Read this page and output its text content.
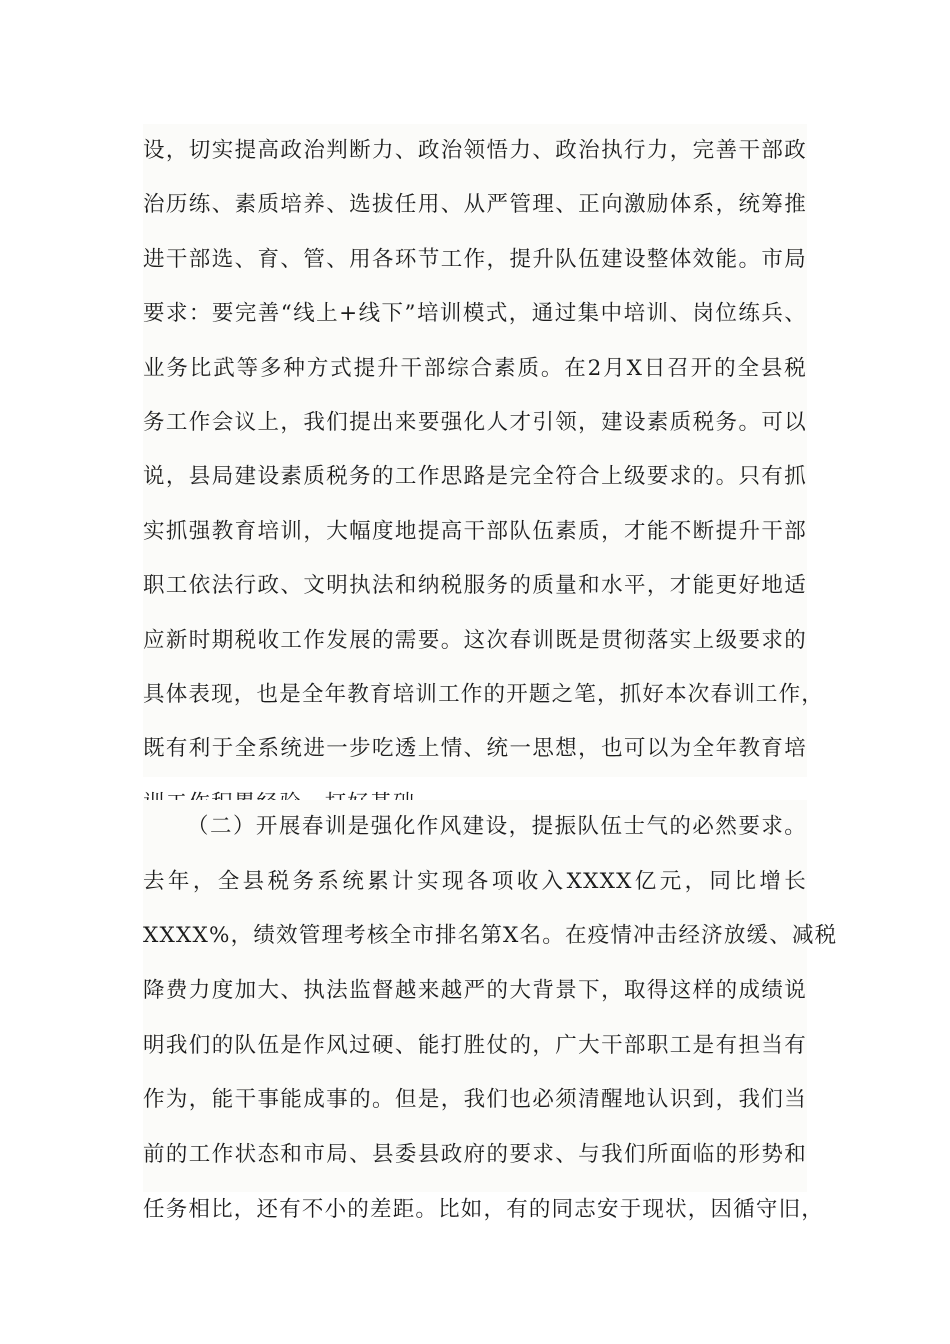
设，切实提高政治判断力、政治领悟力、政治执行力，完善干部政
治历练、素质培养、选拔任用、从严管理、正向激励体系，统筹推
进干部选、育、管、用各环节工作，提升队伍建设整体效能。市局
要求：要完善“线上+线下”培训模式，通过集中培训、岗位练兵、
业务比武等多种方式提升干部综合素质。在2月X日召开的全县税
务工作会议上，我们提出来要强化人才引领，建设素质税务。可以
说，县局建设素质税务的工作思路是完全符合上级要求的。只有抓
实抓强教育培训，大幅度地提高干部队伍素质，才能不断提升干部
职工依法行政、文明执法和纳税服务的质量和水平，才能更好地适
应新时期税收工作发展的需要。这次春训既是贯彻落实上级要求的
具体表现，也是全年教育培训工作的开题之笔，抓好本次春训工作，
既有利于全系统进一步吃透上情、统一思想，也可以为全年教育培
（二）开展春训是强化作风建设，提振队伍士气的必然要求。
去年，全县税务系统累计实现各项收入XXXX亿元，同比增长
XXXX%，绩效管理考核全市排名第X名。在疫情冲击经济放缓、减税
降费力度加大、执法监督越来越严的大背景下，取得这样的成绩说
明我们的队伍是作风过硬、能打胜仗的，广大干部职工是有担当有
作为，能干事能成事的。但是，我们也必须清醒地认识到，我们当
前的工作状态和市局、县委县政府的要求、与我们所面临的形势和
任务相比，还有不小的差距。比如，有的同志安于现状，因循守旧，
